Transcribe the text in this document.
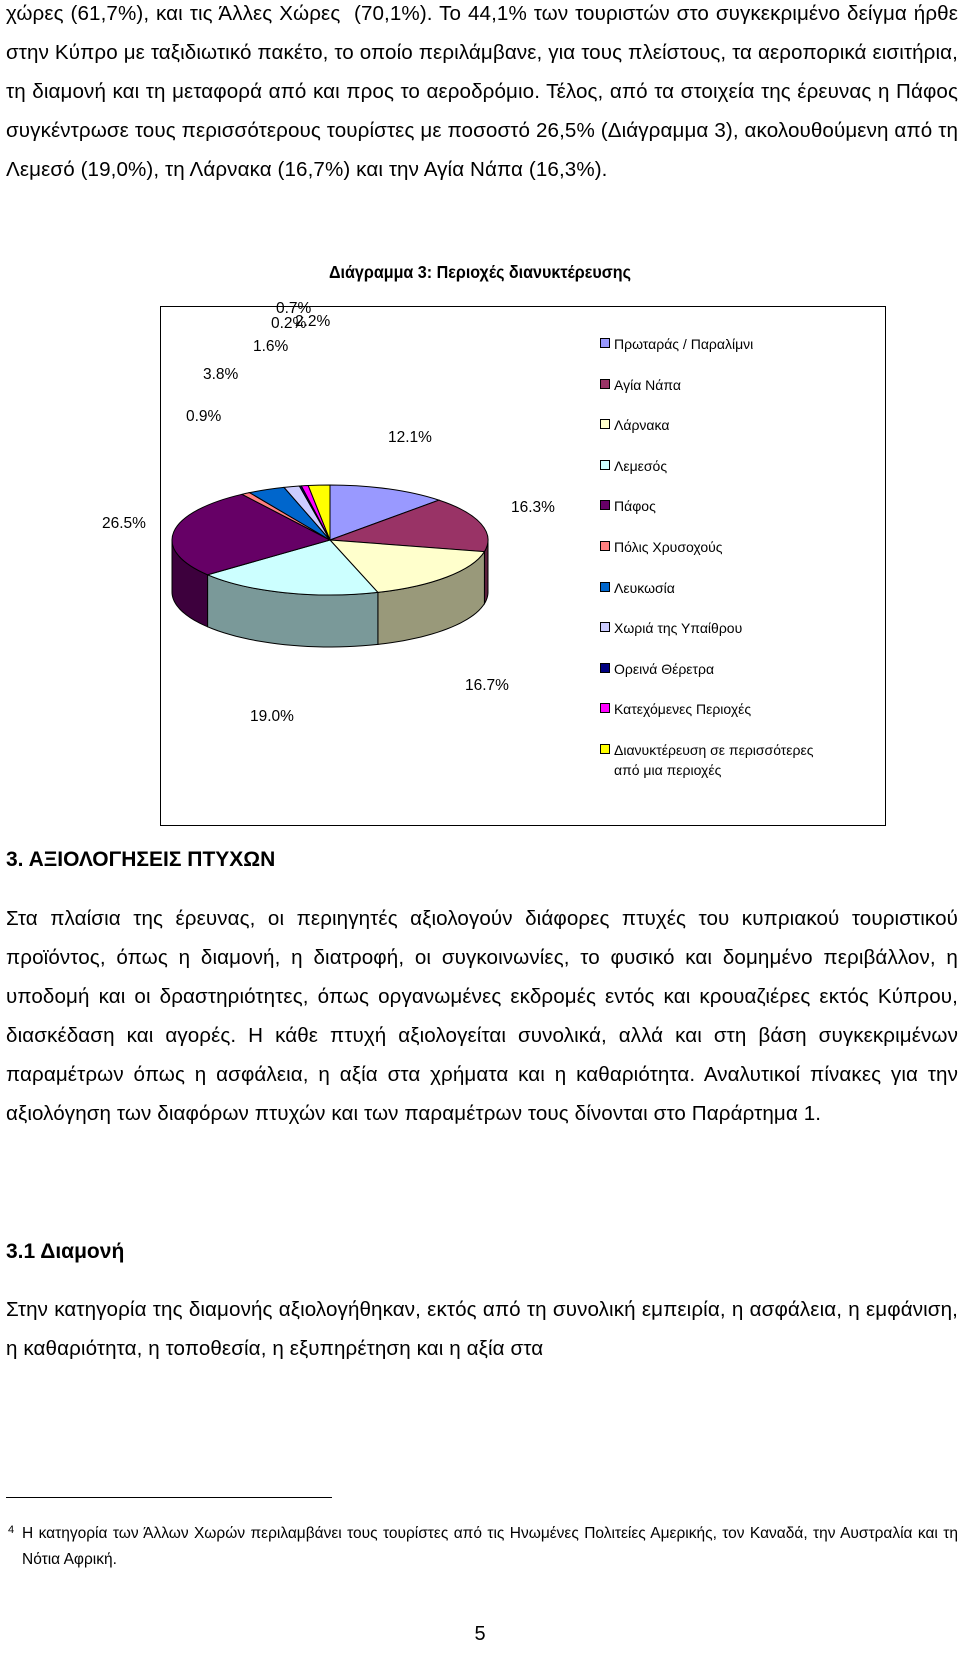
χώρες (61,7%), και τις Άλλες Χώρες (70,1%). Το 44,1% των τουριστών στο συγκεκριμένο δείγμα ήρθε στην Κύπρο με ταξιδιωτικό πακέτο, το οποίο περιλάμβανε, για τους πλείστους, τα αεροπορικά εισιτήρια, τη διαμονή και τη μεταφορά από και προς το αεροδρόμιο. Τέλος, από τα στοιχεία της έρευνας η Πάφος συγκέντρωσε τους περισσότερους τουρίστες με ποσοστό 26,5% (Διάγραμμα 3), ακολουθούμενη από τη Λεμεσό (19,0%), τη Λάρνακα (16,7%) και την Αγία Νάπα (16,3%).

Διάγραμμα 3: Περιοχές διανυκτέρευσης
12.1%
16.3%
16.7%
19.0%
26.5%
0.9%
3.8%
1.6%
0.2%
0.7%
2.2%
Πρωταράς / Παραλίμνι
Αγία Νάπα
Λάρνακα
Λεμεσός
Πάφος
Πόλις Χρυσοχούς
Λευκωσία
Χωριά της Υπαίθρου
Ορεινά Θέρετρα
Κατεχόμενες Περιοχές
Διανυκτέρευση σε περισσότερες από μια περιοχές
3. ΑΞΙΟΛΟΓΗΣΕΙΣ ΠΤΥΧΩΝ

Στα πλαίσια της έρευνας, οι περιηγητές αξιολογούν διάφορες πτυχές του κυπριακού τουριστικού προϊόντος, όπως η διαμονή, η διατροφή, οι συγκοινωνίες, το φυσικό και δομημένο περιβάλλον, η υποδομή και οι δραστηριότητες, όπως οργανωμένες εκδρομές εντός και κρουαζιέρες εκτός Κύπρου, διασκέδαση και αγορές. Η κάθε πτυχή αξιολογείται συνολικά, αλλά και στη βάση συγκεκριμένων παραμέτρων όπως η ασφάλεια, η αξία στα χρήματα και η καθαριότητα. Αναλυτικοί πίνακες για την αξιολόγηση των διαφόρων πτυχών και των παραμέτρων τους δίνονται στο Παράρτημα 1.

3.1 Διαμονή

Στην κατηγορία της διαμονής αξιολογήθηκαν, εκτός από τη συνολική εμπειρία, η ασφάλεια, η εμφάνιση, η καθαριότητα, η τοποθεσία, η εξυπηρέτηση και η αξία στα

4 Η κατηγορία των Άλλων Χωρών περιλαμβάνει τους τουρίστες από τις Ηνωμένες Πολιτείες Αμερικής, τον Καναδά, την Αυστραλία και τη Νότια Αφρική.

5
